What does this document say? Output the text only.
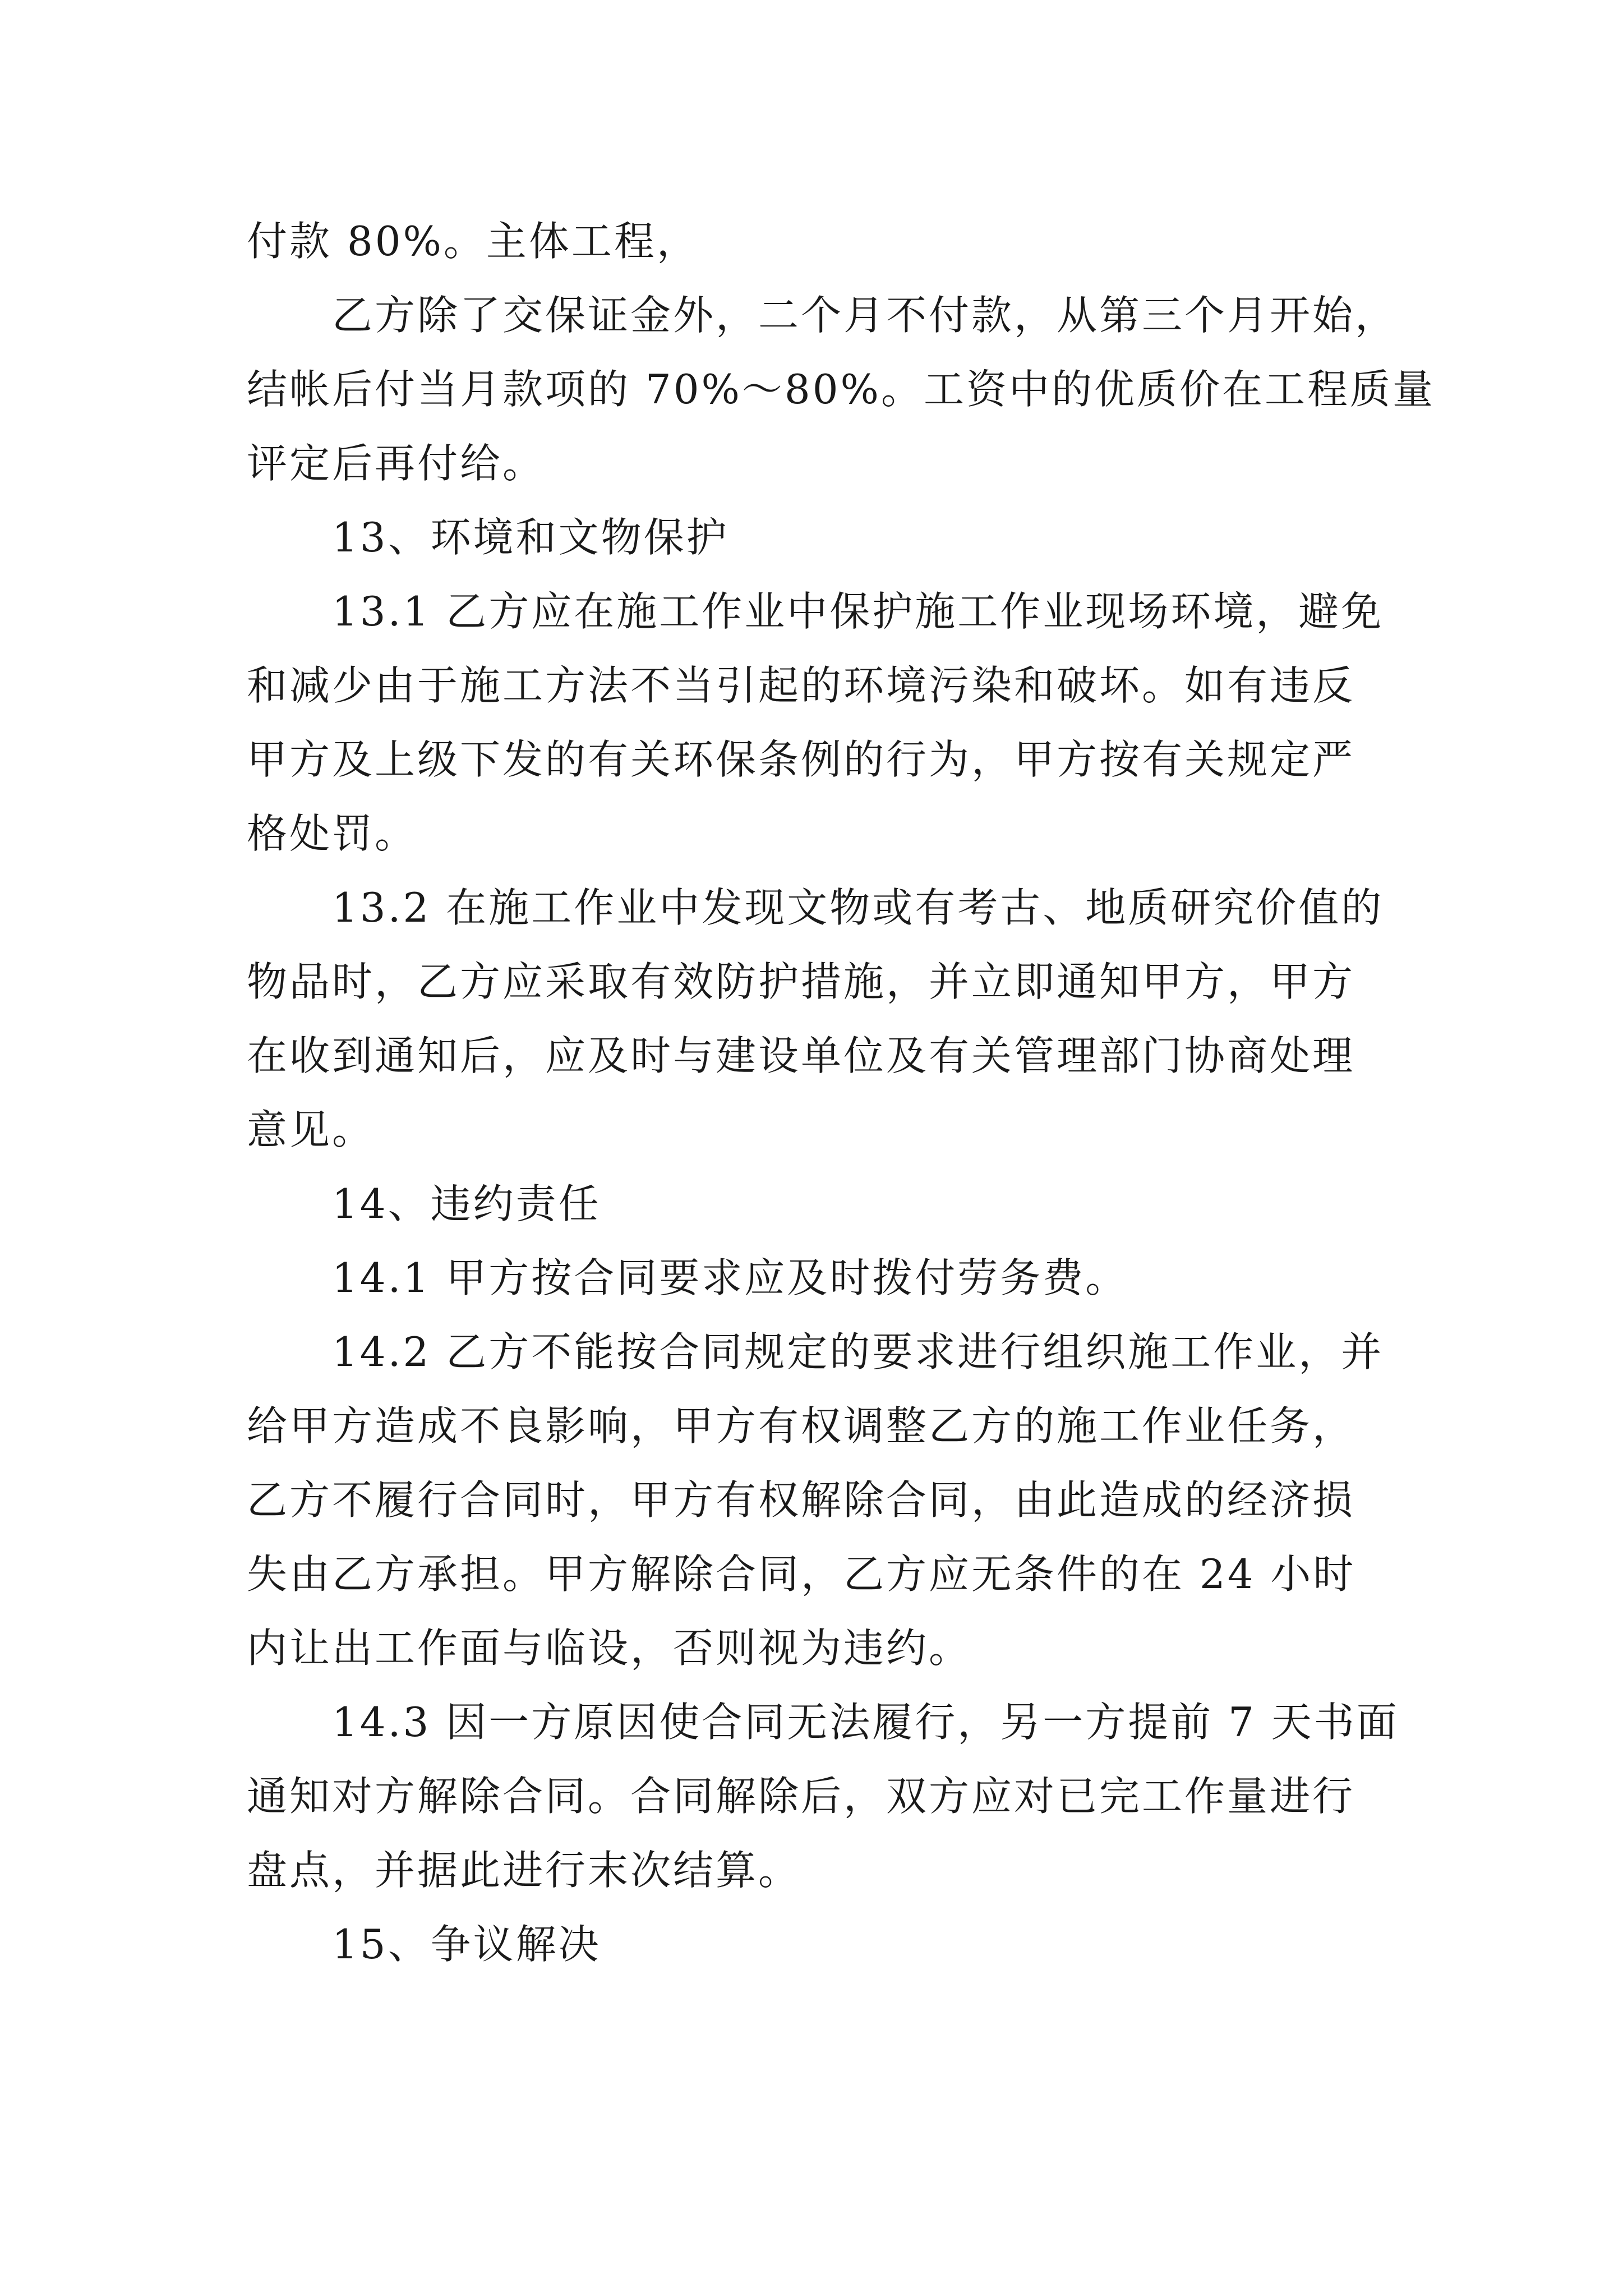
付款 80%。主体工程，

乙方除了交保证金外，二个月不付款，从第三个月开始，

结帐后付当月款项的 70%～80%。工资中的优质价在工程质量

评定后再付给。

13、环境和文物保护

13.1 乙方应在施工作业中保护施工作业现场环境，避免

和减少由于施工方法不当引起的环境污染和破坏。如有违反

甲方及上级下发的有关环保条例的行为，甲方按有关规定严

格处罚。

13.2 在施工作业中发现文物或有考古、地质研究价值的

物品时，乙方应采取有效防护措施，并立即通知甲方，甲方

在收到通知后，应及时与建设单位及有关管理部门协商处理

意见。

14、违约责任

14.1 甲方按合同要求应及时拨付劳务费。

14.2 乙方不能按合同规定的要求进行组织施工作业，并

给甲方造成不良影响，甲方有权调整乙方的施工作业任务，

乙方不履行合同时，甲方有权解除合同，由此造成的经济损

失由乙方承担。甲方解除合同，乙方应无条件的在 24 小时

内让出工作面与临设，否则视为违约。

14.3 因一方原因使合同无法履行，另一方提前 7 天书面

通知对方解除合同。合同解除后，双方应对已完工作量进行

盘点，并据此进行末次结算。

15、争议解决
